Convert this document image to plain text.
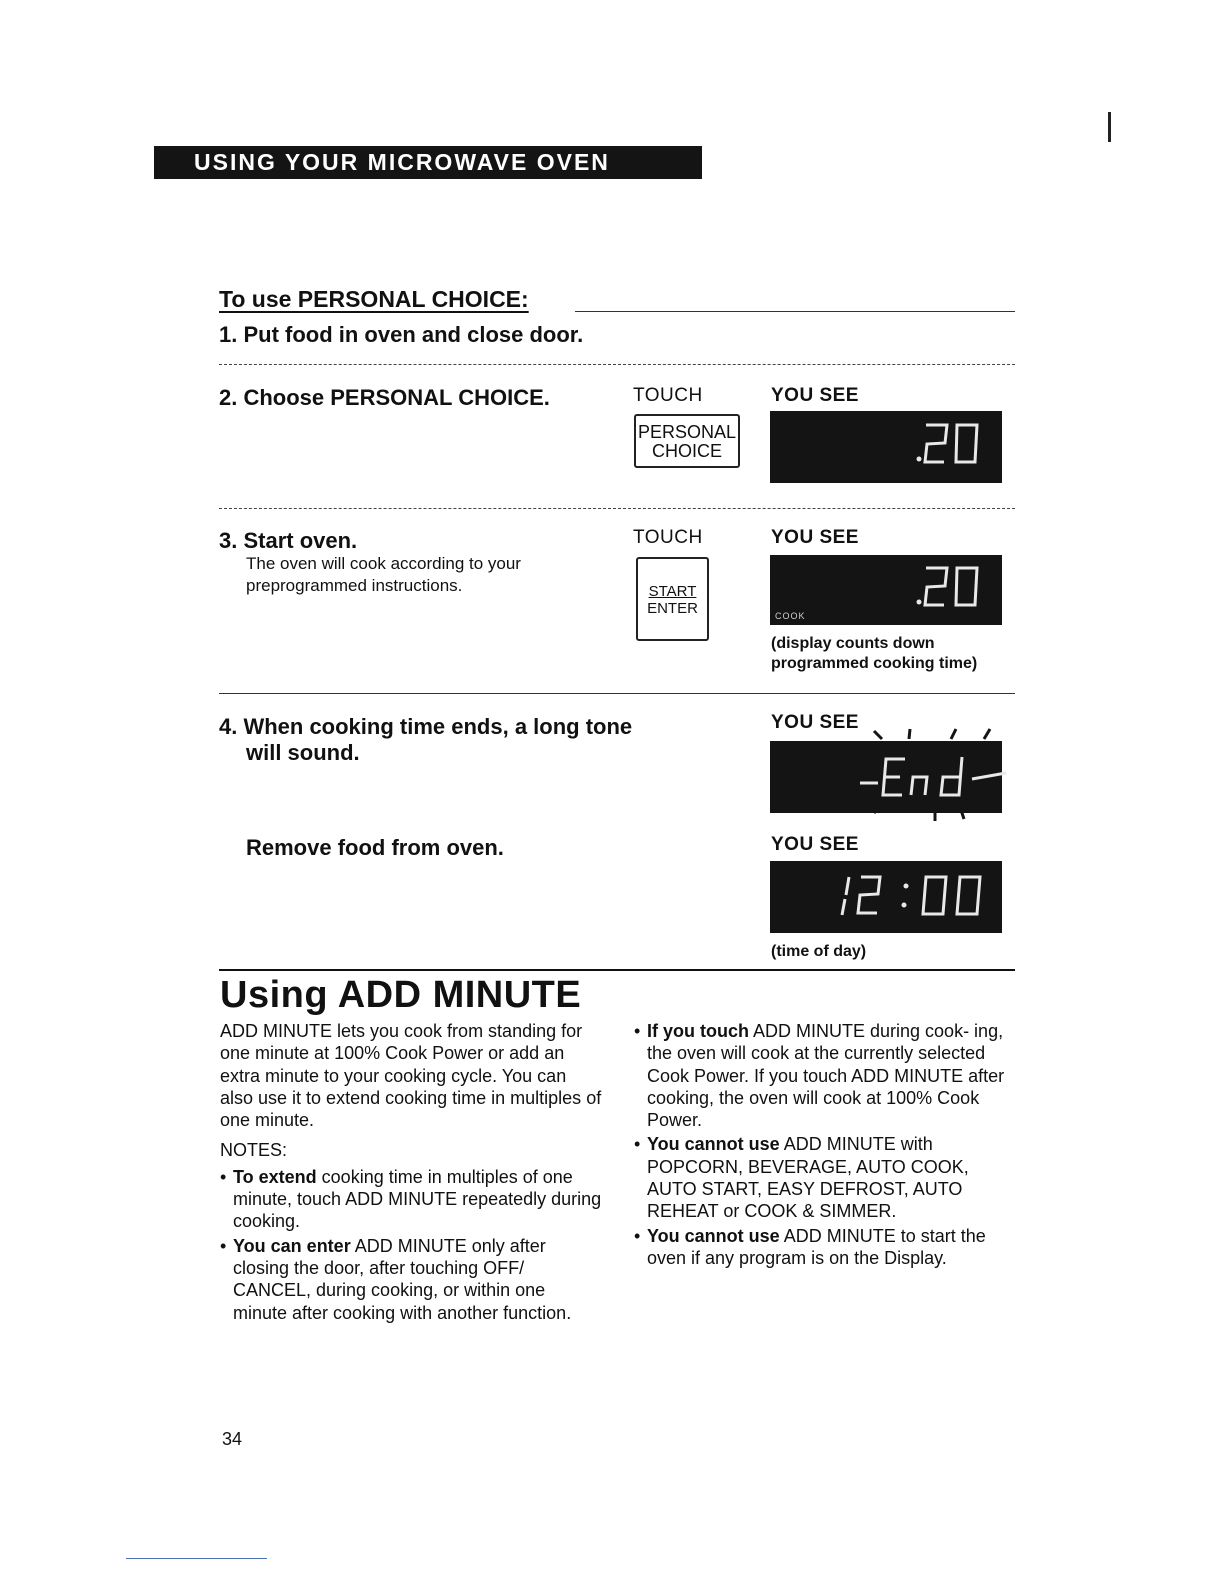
USING YOUR MICROWAVE OVEN
To use PERSONAL CHOICE:
1. Put food in oven and close door.
2. Choose PERSONAL CHOICE.	TOUCH	YOU SEE
PERSONAL
CHOICE
3. Start oven.
The oven will cook according to your preprogrammed instructions.
TOUCH	YOU SEE
START
ENTER	COOK
(display counts down programmed cooking time)
4. When cooking time ends, a long tone will sound.
YOU SEE
Remove food from oven.	YOU SEE
(time of day)
Using ADD MINUTE
ADD MINUTE lets you cook from standing for one minute at 100% Cook Power or add an extra minute to your cooking cycle. You can also use it to extend cooking time in multiples of one minute.
NOTES:
• To extend cooking time in multiples of one minute, touch ADD MINUTE repeatedly during cooking.
• You can enter ADD MINUTE only after closing the door, after touching OFF/ CANCEL, during cooking, or within one minute after cooking with another function.
• If you touch ADD MINUTE during cook- ing, the oven will cook at the currently selected Cook Power. If you touch ADD MINUTE after cooking, the oven will cook at 100% Cook Power.
• You cannot use ADD MINUTE with POPCORN, BEVERAGE, AUTO COOK, AUTO START, EASY DEFROST, AUTO REHEAT or COOK & SIMMER.
• You cannot use ADD MINUTE to start the oven if any program is on the Display.
34
